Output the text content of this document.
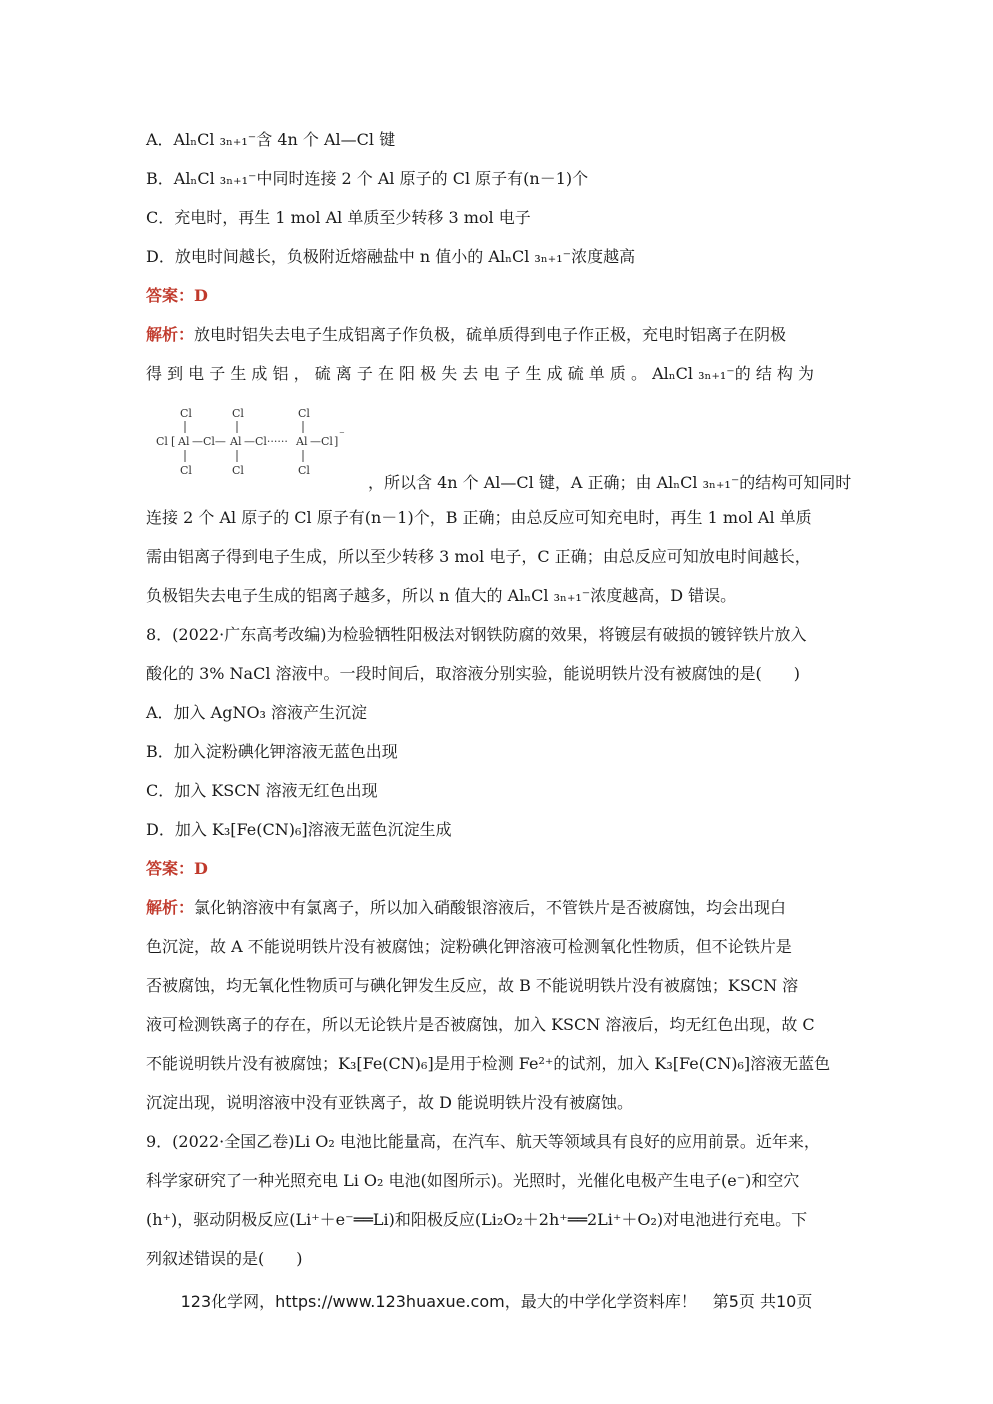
A．AlₙCl ₃ₙ₊₁⁻含 4n 个 Al—Cl 键
B．AlₙCl ₃ₙ₊₁⁻中同时连接 2 个 Al 原子的 Cl 原子有(n－1)个
C．充电时，再生 1 mol Al 单质至少转移 3 mol 电子
D．放电时间越长，负极附近熔融盐中 n 值小的 AlₙCl ₃ₙ₊₁⁻浓度越高
答案：D
解析：放电时铝失去电子生成铝离子作负极，硫单质得到电子作正极，充电时铝离子在阴极
得 到 电 子 生 成 铝 ， 硫 离 子 在 阳 极 失 去 电 子 生 成 硫 单 质 。 AlₙCl ₃ₙ₊₁⁻的 结 构 为
Cl	Cl	Cl
Cl [ Al —Cl— Al —Cl······ Al —Cl ]
⁻
Cl	Cl	Cl
，所以含 4n 个 Al—Cl 键，A 正确；由 AlₙCl ₃ₙ₊₁⁻的结构可知同时
连接 2 个 Al 原子的 Cl 原子有(n－1)个，B 正确；由总反应可知充电时，再生 1 mol Al 单质
需由铝离子得到电子生成，所以至少转移 3 mol 电子，C 正确；由总反应可知放电时间越长，
负极铝失去电子生成的铝离子越多，所以 n 值大的 AlₙCl ₃ₙ₊₁⁻浓度越高，D 错误。
8．(2022·广东高考改编)为检验牺牲阳极法对钢铁防腐的效果，将镀层有破损的镀锌铁片放入
酸化的 3% NaCl 溶液中。一段时间后，取溶液分别实验，能说明铁片没有被腐蚀的是(　　)
A．加入 AgNO₃ 溶液产生沉淀
B．加入淀粉碘化钾溶液无蓝色出现
C．加入 KSCN 溶液无红色出现
D．加入 K₃[Fe(CN)₆]溶液无蓝色沉淀生成
答案：D
解析：氯化钠溶液中有氯离子，所以加入硝酸银溶液后，不管铁片是否被腐蚀，均会出现白
色沉淀，故 A 不能说明铁片没有被腐蚀；淀粉碘化钾溶液可检测氧化性物质，但不论铁片是
否被腐蚀，均无氧化性物质可与碘化钾发生反应，故 B 不能说明铁片没有被腐蚀；KSCN 溶
液可检测铁离子的存在，所以无论铁片是否被腐蚀，加入 KSCN 溶液后，均无红色出现，故 C
不能说明铁片没有被腐蚀；K₃[Fe(CN)₆]是用于检测 Fe²⁺的试剂，加入 K₃[Fe(CN)₆]溶液无蓝色
沉淀出现，说明溶液中没有亚铁离子，故 D 能说明铁片没有被腐蚀。
9．(2022·全国乙卷)Li O₂ 电池比能量高，在汽车、航天等领域具有良好的应用前景。近年来，
科学家研究了一种光照充电 Li O₂ 电池(如图所示)。光照时，光催化电极产生电子(e⁻)和空穴
(h⁺)，驱动阴极反应(Li⁺＋e⁻══Li)和阳极反应(Li₂O₂＋2h⁺══2Li⁺＋O₂)对电池进行充电。下
列叙述错误的是(　　)
123化学网，https://www.123huaxue.com，最大的中学化学资料库！　第5页 共10页
